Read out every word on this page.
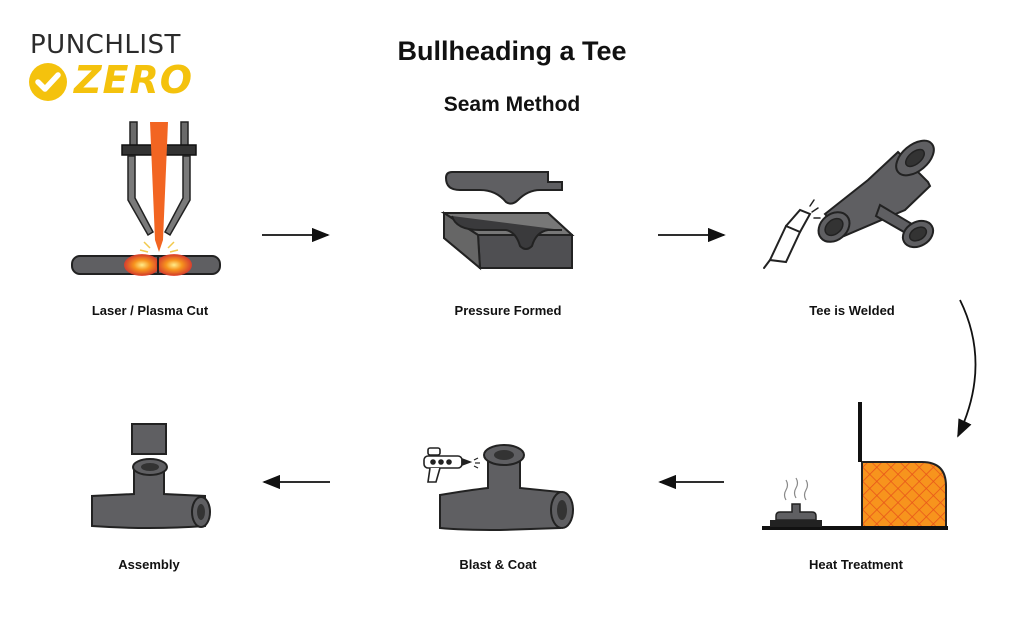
PUNCHLIST
ZERO
Bullheading a Tee
Seam Method
Laser / Plasma Cut	Pressure Formed	Tee is Welded
Heat Treatment
Blast & Coat
Assembly
